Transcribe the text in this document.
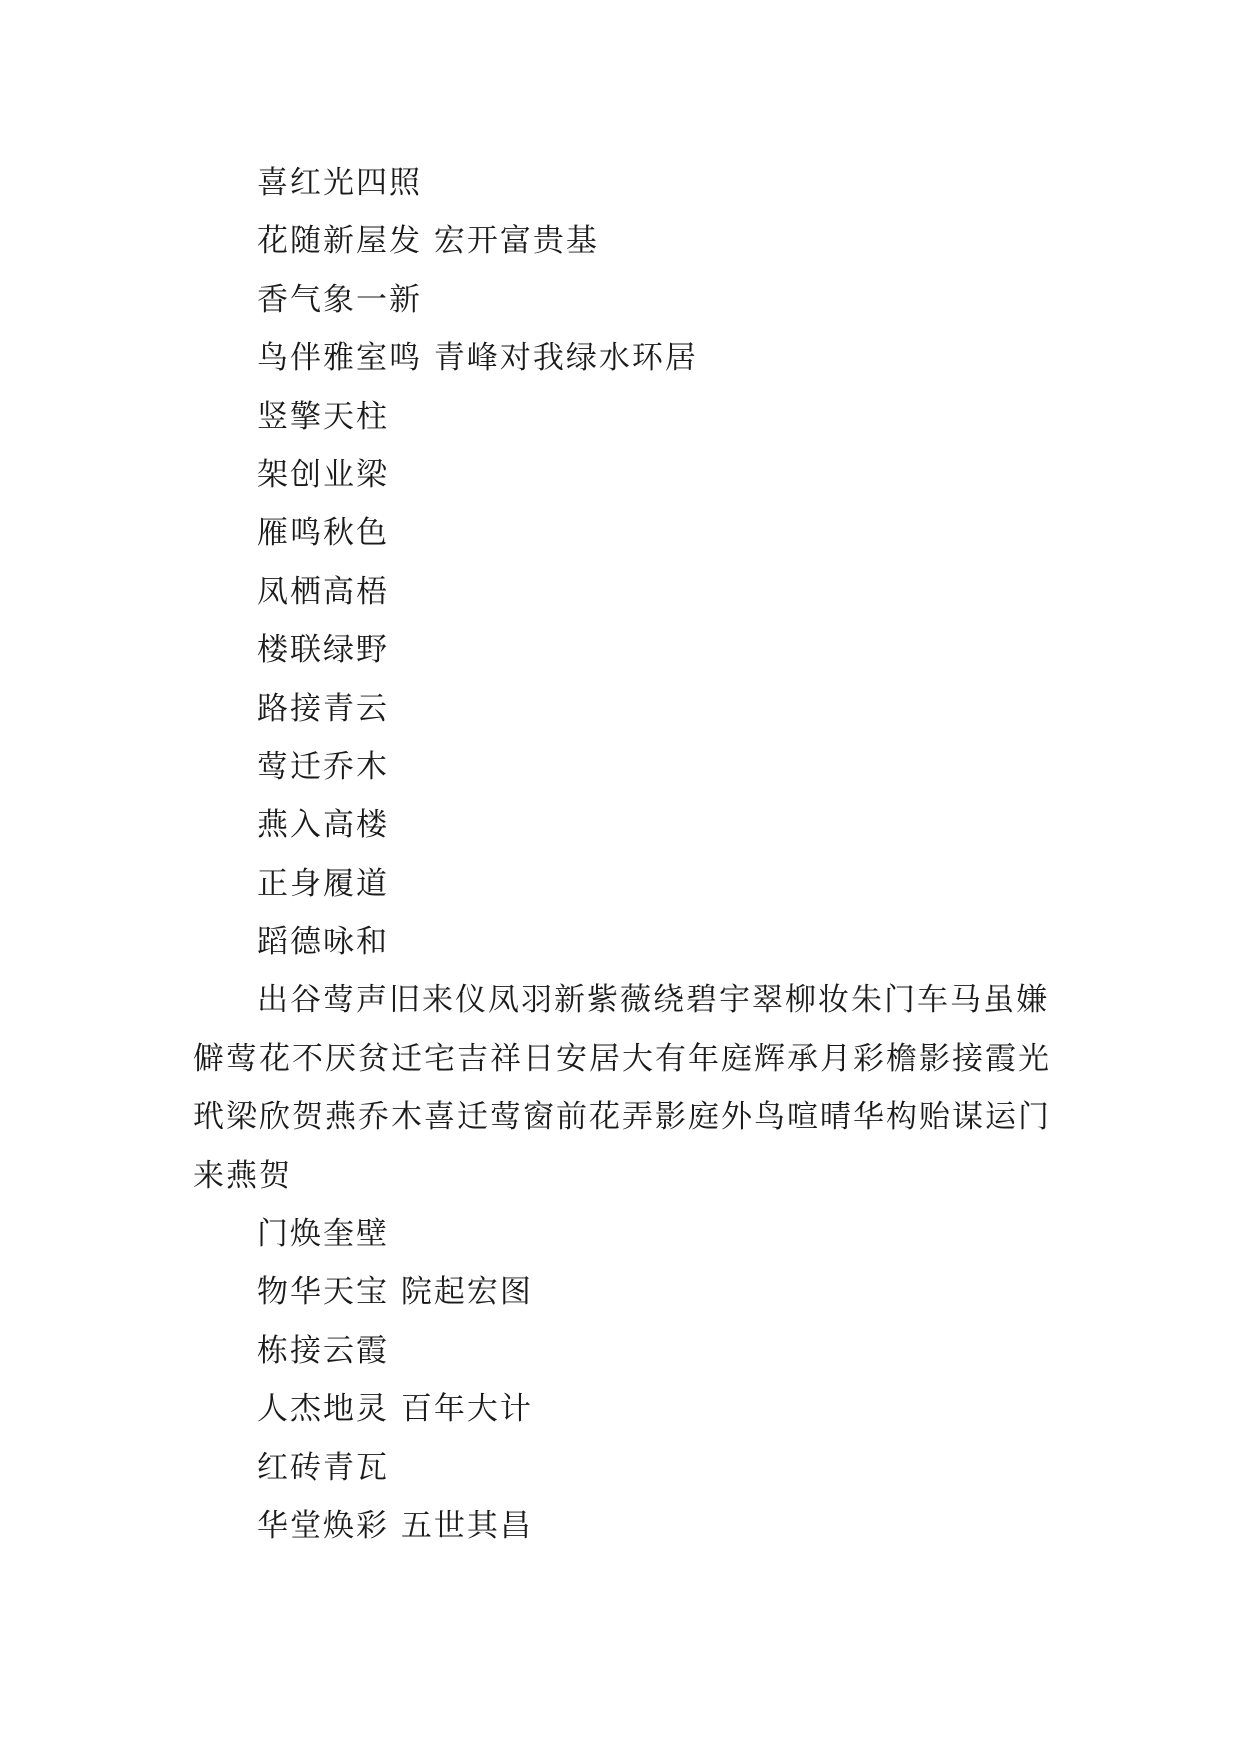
喜红光四照

花随新屋发 宏开富贵基

香气象一新

鸟伴雅室鸣 青峰对我绿水环居

竖擎天柱

架创业梁

雁鸣秋色

凤栖高梧

楼联绿野

路接青云

莺迁乔木

燕入高楼

正身履道

蹈德咏和

出谷莺声旧来仪凤羽新紫薇绕碧宇翠柳妆朱门车马虽嫌僻莺花不厌贫迁宅吉祥日安居大有年庭辉承月彩檐影接霞光玳梁欣贺燕乔木喜迁莺窗前花弄影庭外鸟喧晴华构贻谋运门来燕贺

门焕奎壁

物华天宝 院起宏图

栋接云霞

人杰地灵 百年大计

红砖青瓦

华堂焕彩 五世其昌
